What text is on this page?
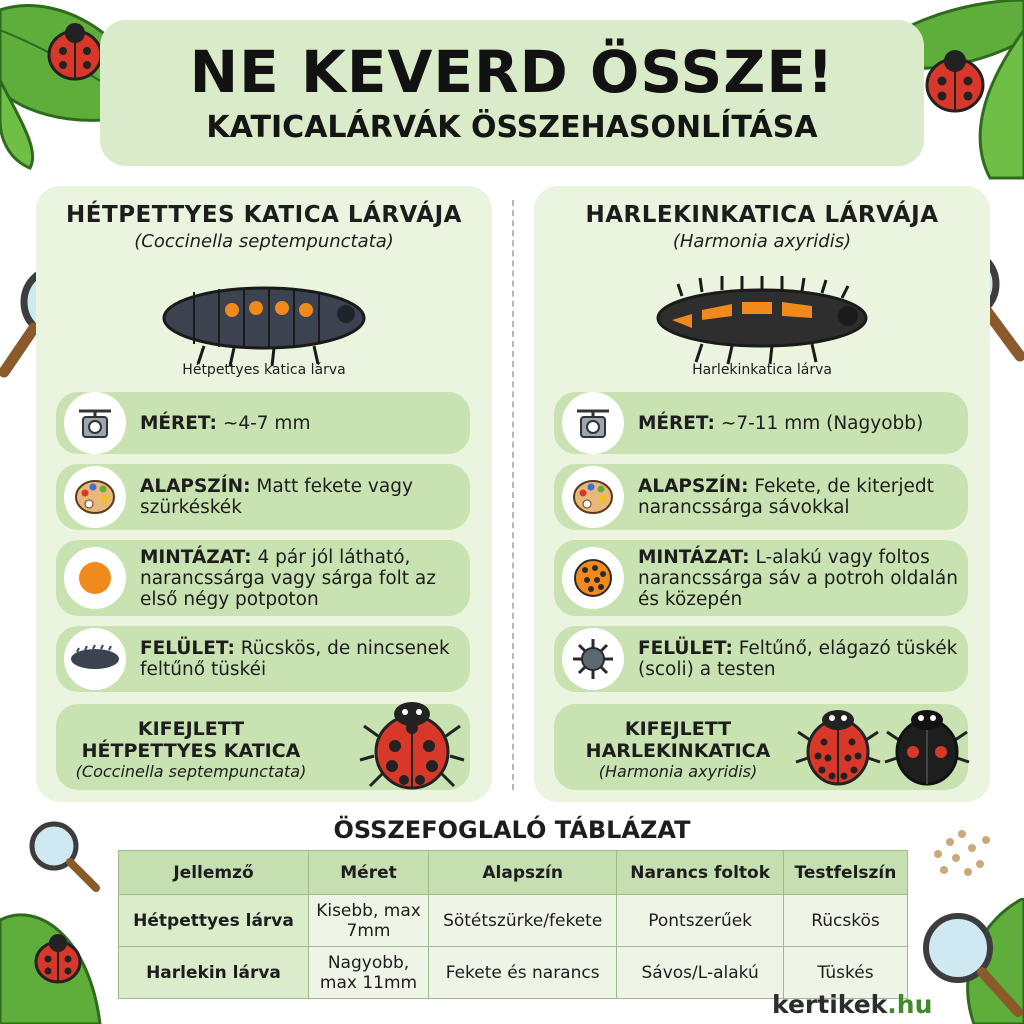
NE KEVERD ÖSSZE!
KATICALÁRVÁK ÖSSZEHASONLÍTÁSA
HÉTPETTYES KATICA LÁRVÁJA
(Coccinella septempunctata)
Hétpettyes katica lárva
MÉRET: ~4-7 mm
ALAPSZÍN: Matt fekete vagy szürkéskék
MINTÁZAT: 4 pár jól látható, narancssárga vagy sárga folt az első négy potpoton
FELÜLET: Rücskös, de nincsenek feltűnő tüskéi
KIFEJLETT
HÉTPETTYES KATICA
(Coccinella septempunctata)
HARLEKINKATICA LÁRVÁJA
(Harmonia axyridis)
Harlekinkatica lárva
MÉRET: ~7-11 mm (Nagyobb)
ALAPSZÍN: Fekete, de kiterjedt narancssárga sávokkal
MINTÁZAT: L-alakú vagy foltos narancssárga sáv a potroh oldalán és közepén
FELÜLET: Feltűnő, elágazó tüskék (scoli) a testen
KIFEJLETT
HARLEKINKATICA
(Harmonia axyridis)
ÖSSZEFOGLALÓ TÁBLÁZAT
Jellemző	Méret	Alapszín	Narancs foltok	Testfelszín
Hétpettyes lárva	Kisebb, max 7mm	Sötétszürke/fekete	Pontszerűek	Rücskös
Harlekin lárva	Nagyobb, max 11mm	Fekete és narancs	Sávos/L-alakú	Tüskés
kertikek.hu
